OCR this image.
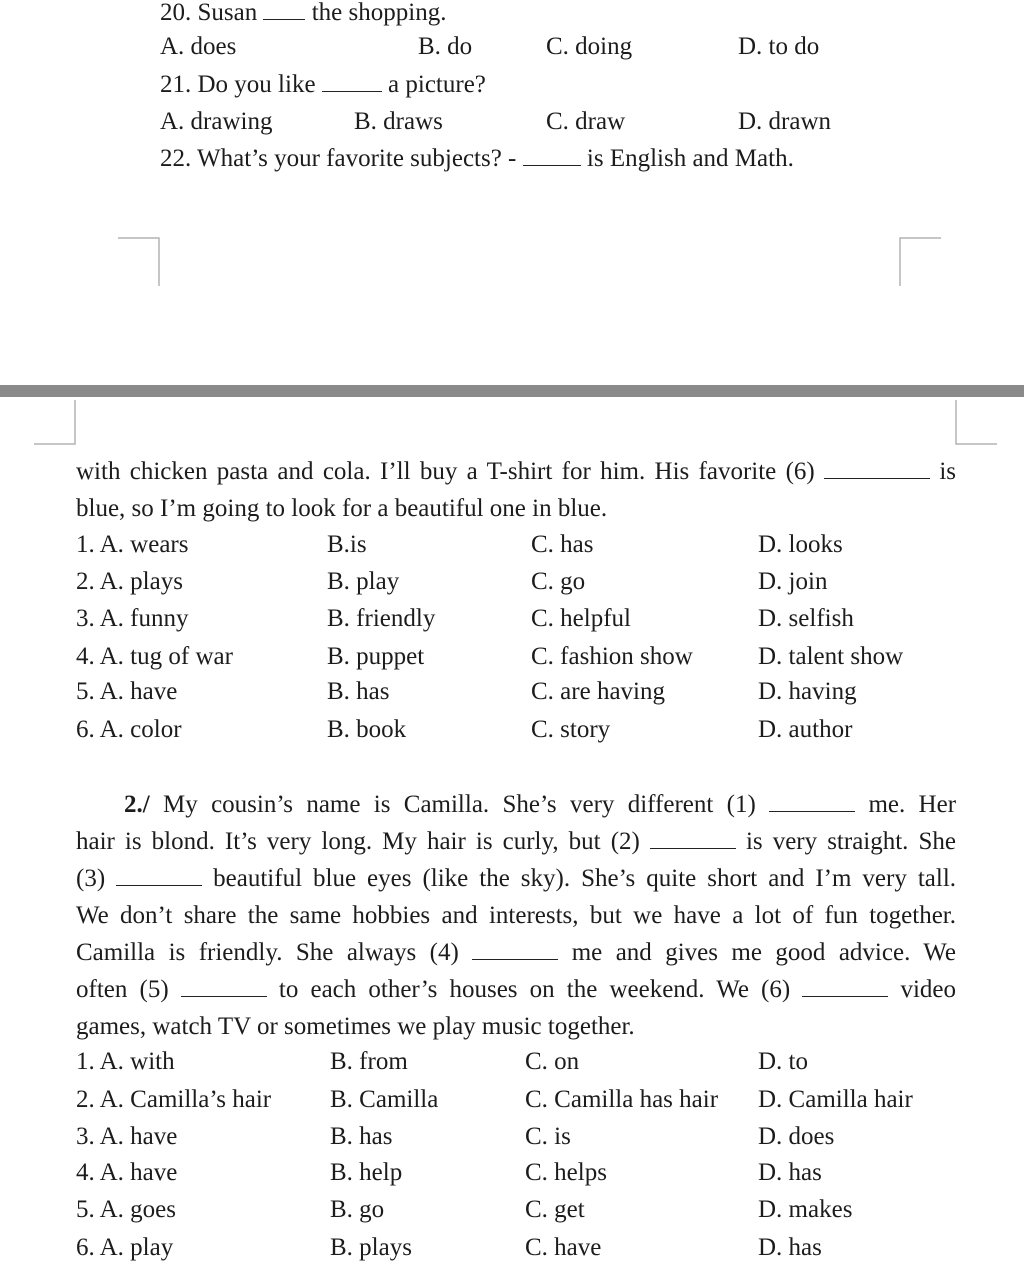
20. Susan the shopping.
A. does	B. do	C. doing	D. to do
21. Do you like	a picture?
A. drawing	B. draws	C. draw	D. drawn
22. What’s your favorite subjects? -	is English and Math.
with chicken pasta and cola. I’ll buy a T-shirt for him. His favorite (6)	is
blue, so I’m going to look for a beautiful one in blue.
1. A. wears	B.is	C. has	D. looks
2. A. plays	B. play	C. go	D. join
3. A. funny	B. friendly	C. helpful	D. selfish
4. A. tug of war	B. puppet	C. fashion show	D. talent show
5. A. have	B. has	C. are having	D. having
6. A. color	B. book	C. story	D. author
2./ My cousin’s name is Camilla. She’s very different (1)	me. Her
hair is blond. It’s very long. My hair is curly, but (2)	is very straight. She
(3)	beautiful blue eyes (like the sky). She’s quite short and I’m very tall.
We don’t share the same hobbies and interests, but we have a lot of fun together.
Camilla is friendly. She always (4)	me and gives me good advice. We
often (5)	to each other’s houses on the weekend. We (6)	video
games, watch TV or sometimes we play music together.
1. A. with	B. from	C. on	D. to
2. A. Camilla’s hair B. Camilla	C. Camilla has hair D. Camilla hair
3. A. have	B. has	C. is	D. does
4. A. have	B. help	C. helps	D. has
5. A. goes	B. go	C. get	D. makes
6. A. play	B. plays	C. have	D. has
